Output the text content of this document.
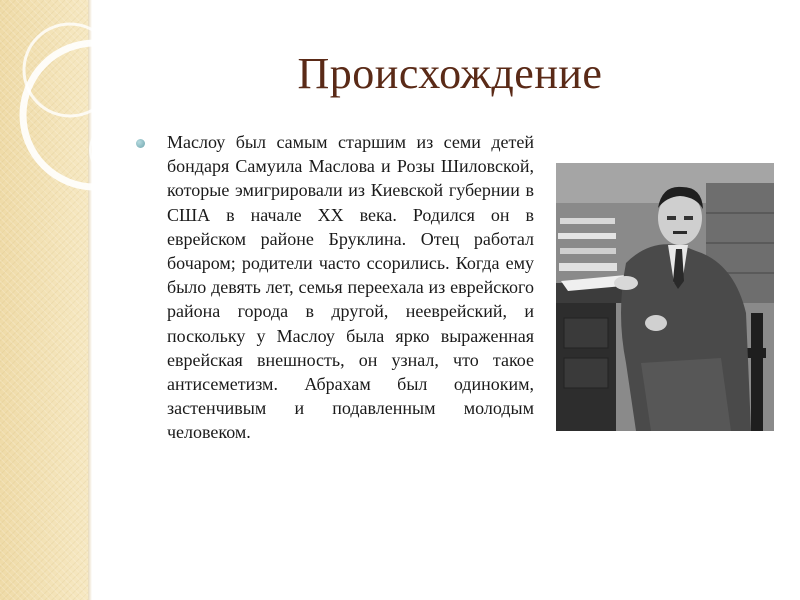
Происхождение

Маслоу был самым старшим из семи детей бондаря Самуила Маслова и Розы Шиловской, которые эмигрировали из Киевской губернии в США в начале XX века. Родился он в еврейском районе Бруклина. Отец работал бочаром; родители часто ссорились. Когда ему было девять лет, семья переехала из еврейского района города в другой, нееврейский, и поскольку у Маслоу была ярко выраженная еврейская внешность, он узнал, что такое антисеметизм. Абрахам был одиноким, застенчивым и подавленным молодым человеком.
